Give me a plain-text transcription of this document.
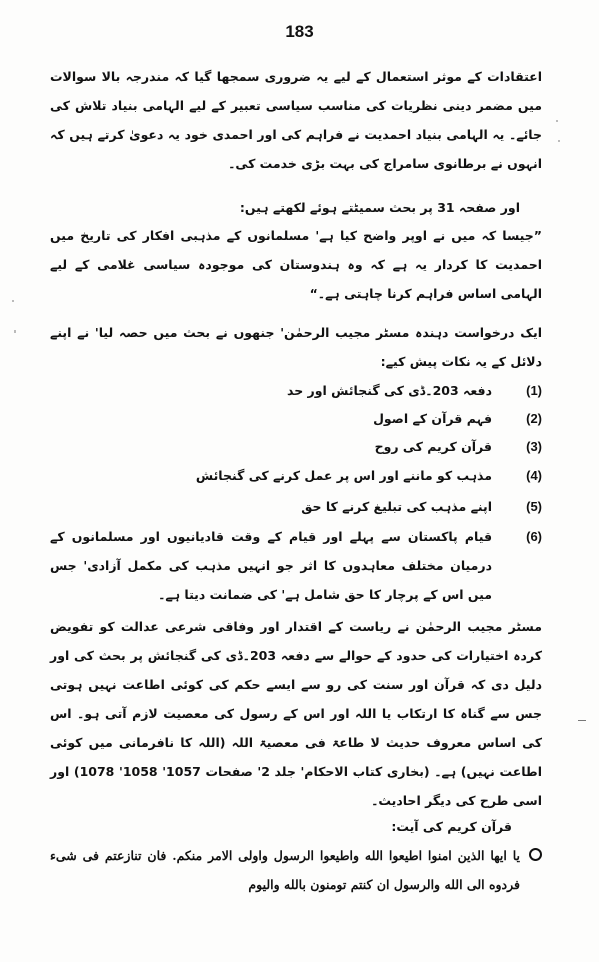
183

اعتقادات کے موثر استعمال کے لیے یہ ضروری سمجھا گیا کہ مندرجہ بالا سوالات میں مضمر دینی نظریات کی مناسب سیاسی تعبیر کے لیے الہامی بنیاد تلاش کی جائے۔ یہ الہامی بنیاد احمدیت نے فراہم کی اور احمدی خود یہ دعویٰ کرتے ہیں کہ انہوں نے برطانوی سامراج کی بہت بڑی خدمت کی۔

اور صفحہ 31 پر بحث سمیٹتے ہوئے لکھتے ہیں:

”جیسا کہ میں نے اوپر واضح کیا ہے' مسلمانوں کے مذہبی افکار کی تاریخ میں احمدیت کا کردار یہ ہے کہ وہ ہندوستان کی موجودہ سیاسی غلامی کے لیے الہامی اساس فراہم کرنا چاہتی ہے۔“

ایک درخواست دہندہ مسٹر مجیب الرحمٰن' جنھوں نے بحث میں حصہ لیا' نے اپنے دلائل کے یہ نکات پیش کیے:

(1)
دفعہ 203۔ڈی کی گنجائش اور حد
(2)
فہم قرآن کے اصول
(3)
قرآن کریم کی روح
(4)
مذہب کو ماننے اور اس پر عمل کرنے کی گنجائش
(5)
اپنے مذہب کی تبلیغ کرنے کا حق
(6)
قیام پاکستان سے پہلے اور قیام کے وقت قادیانیوں اور مسلمانوں کے درمیان مختلف معاہدوں کا اثر جو انہیں مذہب کی مکمل آزادی' جس میں اس کے پرچار کا حق شامل ہے' کی ضمانت دیتا ہے۔

مسٹر مجیب الرحمٰن نے ریاست کے اقتدار اور وفاقی شرعی عدالت کو تفویض کردہ اختیارات کی حدود کے حوالے سے دفعہ 203۔ڈی کی گنجائش پر بحث کی اور دلیل دی کہ قرآن اور سنت کی رو سے ایسے حکم کی کوئی اطاعت نہیں ہوتی جس سے گناہ کا ارتکاب یا اللہ اور اس کے رسول کی معصیت لازم آتی ہو۔ اس کی اساس معروف حدیث لا طاعۃ فی معصیۃ اللہ (اللہ کا نافرمانی میں کوئی اطاعت نہیں) ہے۔ (بخاری کتاب الاحکام' جلد 2' صفحات 1057' 1058' 1078) اور اسی طرح کی دیگر احادیث۔

قرآن کریم کی آیت:

يا ايها الذين امنوا اطيعوا الله واطيعوا الرسول واولى الامر منكم. فان تنازعتم فى شىء فردوه الى الله والرسول ان كنتم تومنون بالله واليوم
